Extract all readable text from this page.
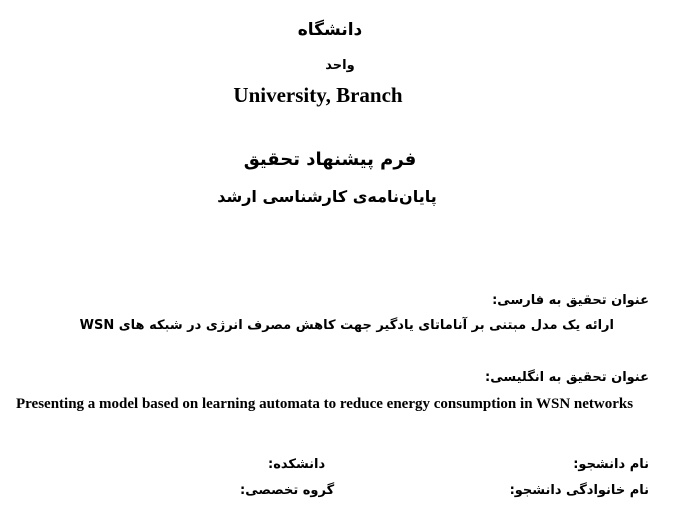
دانشگاه
واحد
University, Branch
فرم پیشنهاد تحقیق
پایان‌نامه‌ی کارشناسی ارشد
عنوان تحقیق به فارسی:
ارائه یک مدل مبتنی بر آناماتای یادگیر جهت کاهش مصرف انرژی در شبکه های WSN
عنوان تحقیق به انگلیسی:
Presenting a model based on learning automata to reduce energy consumption in WSN networks
نام دانشجو:
دانشکده:
نام خانوادگی دانشجو:
گروه تخصصی:
